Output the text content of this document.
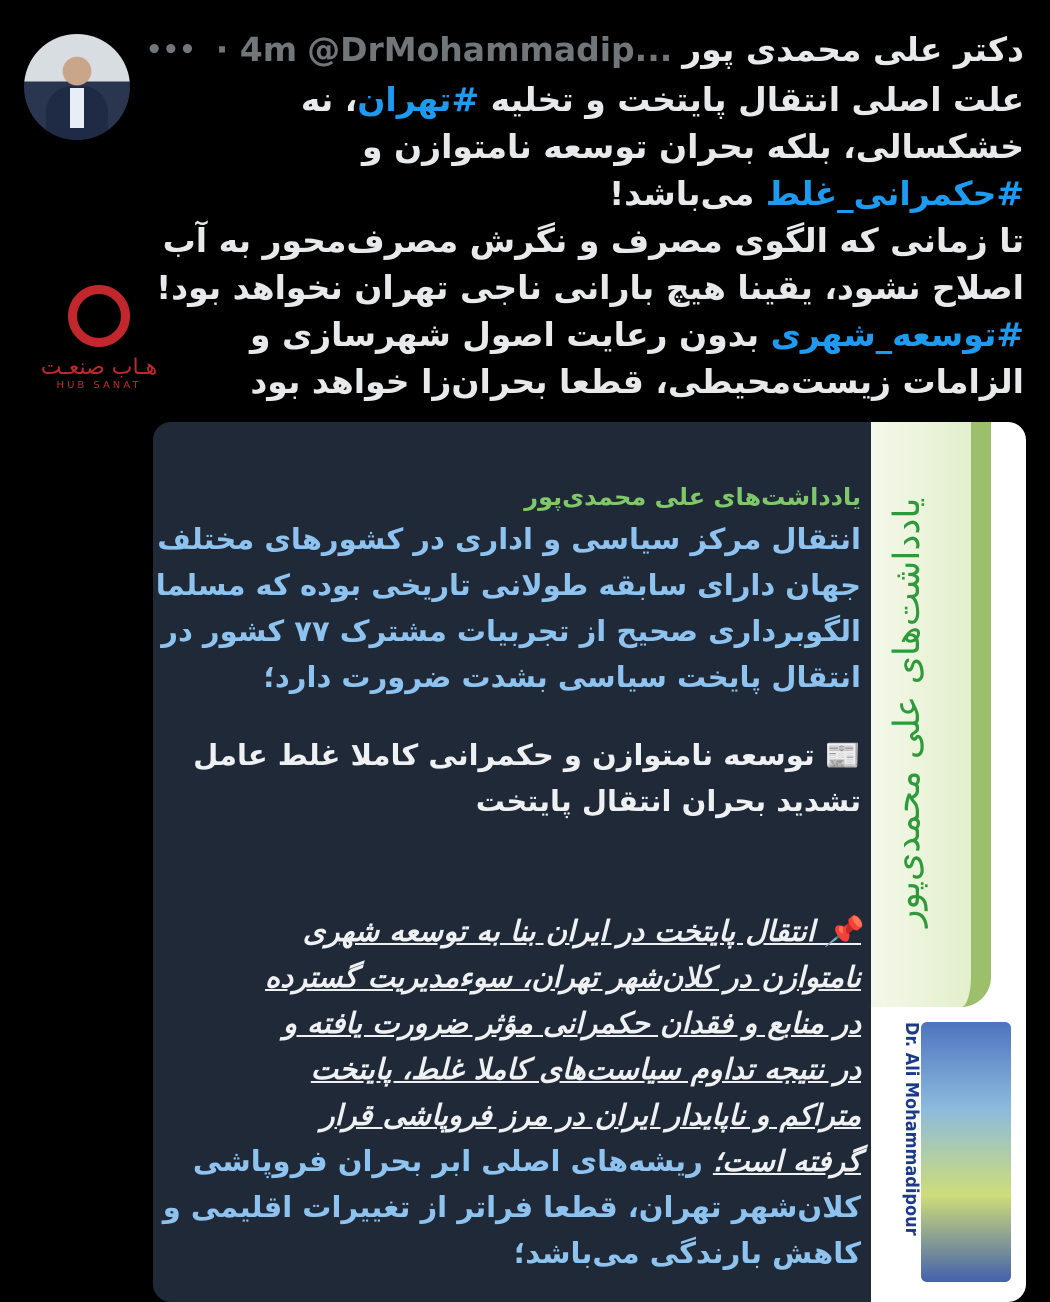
دکتر علی محمدی پور
@DrMohammadip...
· 4m
•••
علت اصلی انتقال پایتخت و تخلیه #تهران، نه
خشکسالی، بلکه بحران توسعه نامتوازن و
#حکمرانی_غلط می‌باشد!
تا زمانی که الگوی مصرف و نگرش مصرف‌محور به آب
اصلاح نشود، یقینا هیچ بارانی ناجی تهران نخواهد بود!
#توسعه_شهری بدون رعایت اصول شهرسازی و
الزامات زیست‌محیطی، قطعا بحران‌زا خواهد بود
هـاب صنعـت
HUB SANAT
یادداشت‌های علی محمدی‌پور
انتقال مرکز سیاسی و اداری در کشورهای مختلف
جهان دارای سابقه طولانی تاریخی بوده که مسلما
الگوبرداری صحیح از تجربیات مشترک ۷۷ کشور در
انتقال پایخت سیاسی بشدت ضرورت دارد؛
📰 توسعه نامتوازن و حکمرانی کاملا غلط عامل
تشدید بحران انتقال پایتخت
📌 انتقال پایتخت در ایران بنا به توسعه شهری
نامتوازن در کلان‌شهر تهران، سوءمدیریت گسترده
در منابع و فقدان حکمرانی مؤثر ضرورت یافته و
در نتیجه تداوم سیاست‌های کاملا غلط، پایتخت
متراکم و ناپایدار ایران در مرز فروپاشی قرار
گرفته است؛ ریشه‌های اصلی ابر بحران فروپاشی
کلان‌شهر تهران، قطعا فراتر از تغییرات اقلیمی و
کاهش بارندگی می‌باشد؛
یادداشت‌های علی محمدی‌پور
Dr. Ali Mohammadipour
